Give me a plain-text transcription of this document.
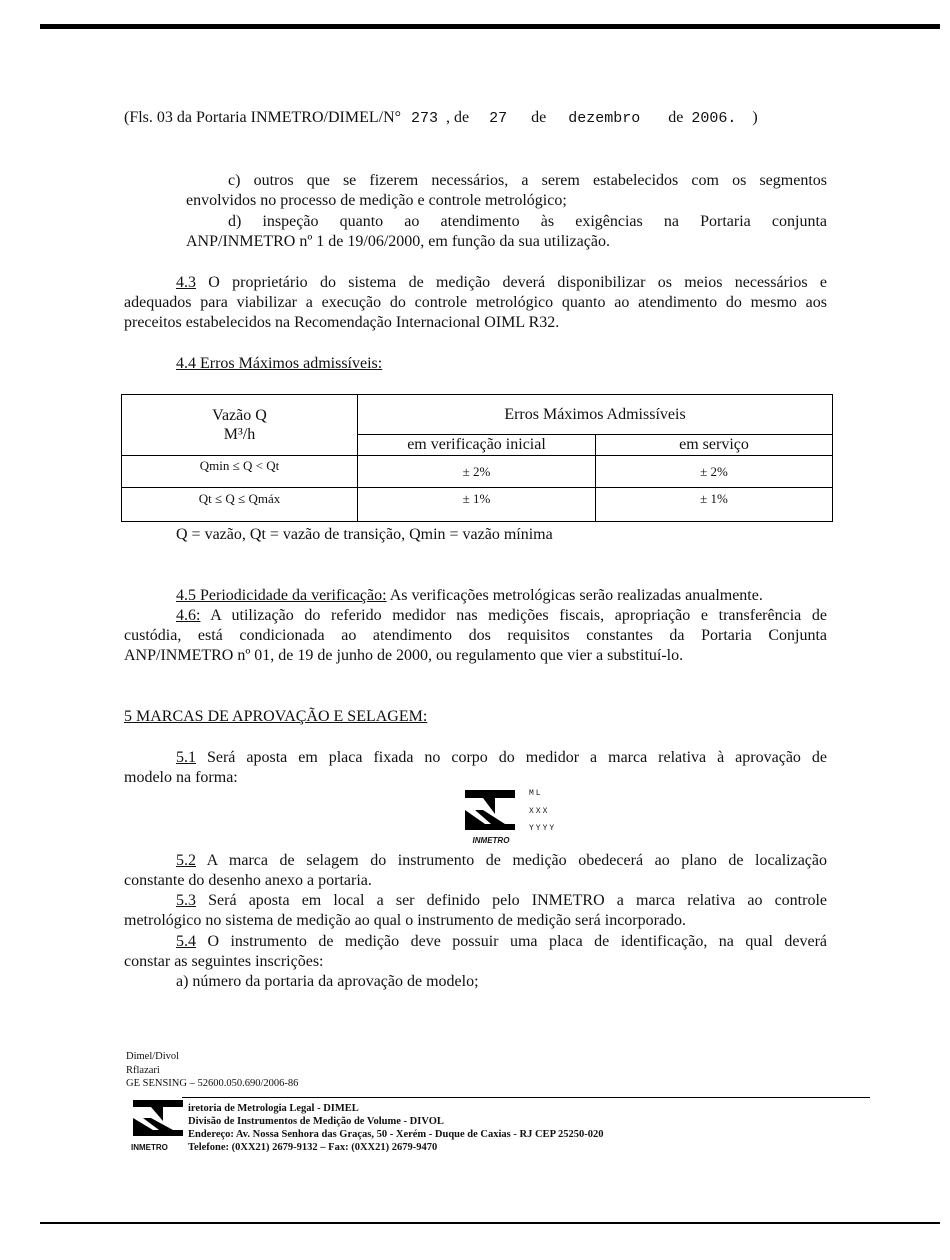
(Fls. 03 da Portaria INMETRO/DIMEL/N° 273 , de 27 de dezembro de 2006. )
c) outros que se fizerem necessários, a serem estabelecidos com os segmentos
envolvidos no processo de medição e controle metrológico;
d) inspeção quanto ao atendimento às exigências na Portaria conjunta
ANP/INMETRO nº 1 de 19/06/2000, em função da sua utilização.
4.3 O proprietário do sistema de medição deverá disponibilizar os meios necessários e
adequados para viabilizar a execução do controle metrológico quanto ao atendimento do mesmo aos
preceitos estabelecidos na Recomendação Internacional OIML R32.
4.4 Erros Máximos admissíveis:
Vazão Q
M³/h	Erros Máximos Admissíveis	
	em verificação inicial	em serviço
Qmin ≤ Q < Qt	± 2%	± 2%
Qt ≤ Q ≤ Qmáx	± 1%	± 1%
Q = vazão, Qt = vazão de transição, Qmin = vazão mínima
4.5 Periodicidade da verificação: As verificações metrológicas serão realizadas anualmente.
4.6: A utilização do referido medidor nas medições fiscais, apropriação e transferência de
custódia, está condicionada ao atendimento dos requisitos constantes da Portaria Conjunta
ANP/INMETRO nº 01, de 19 de junho de 2000, ou regulamento que vier a substituí-lo.
5 MARCAS DE APROVAÇÃO E SELAGEM:
5.1 Será aposta em placa fixada no corpo do medidor a marca relativa à aprovação de
modelo na forma:
INMETRO
ML
XXX
YYYY
5.2 A marca de selagem do instrumento de medição obedecerá ao plano de localização
constante do desenho anexo a portaria.
5.3 Será aposta em local a ser definido pelo INMETRO a marca relativa ao controle
metrológico no sistema de medição ao qual o instrumento de medição será incorporado.
5.4 O instrumento de medição deve possuir uma placa de identificação, na qual deverá
constar as seguintes inscrições:
a) número da portaria da aprovação de modelo;
Dimel/Divol
Rflazari
GE SENSING – 52600.050.690/2006-86
INMETRO
iretoria de Metrologia Legal - DIMEL
Divisão de Instrumentos de Medição de Volume - DIVOL
Endereço: Av. Nossa Senhora das Graças, 50 - Xerém - Duque de Caxias - RJ CEP 25250-020
Telefone: (0XX21) 2679-9132 – Fax: (0XX21) 2679-9470
